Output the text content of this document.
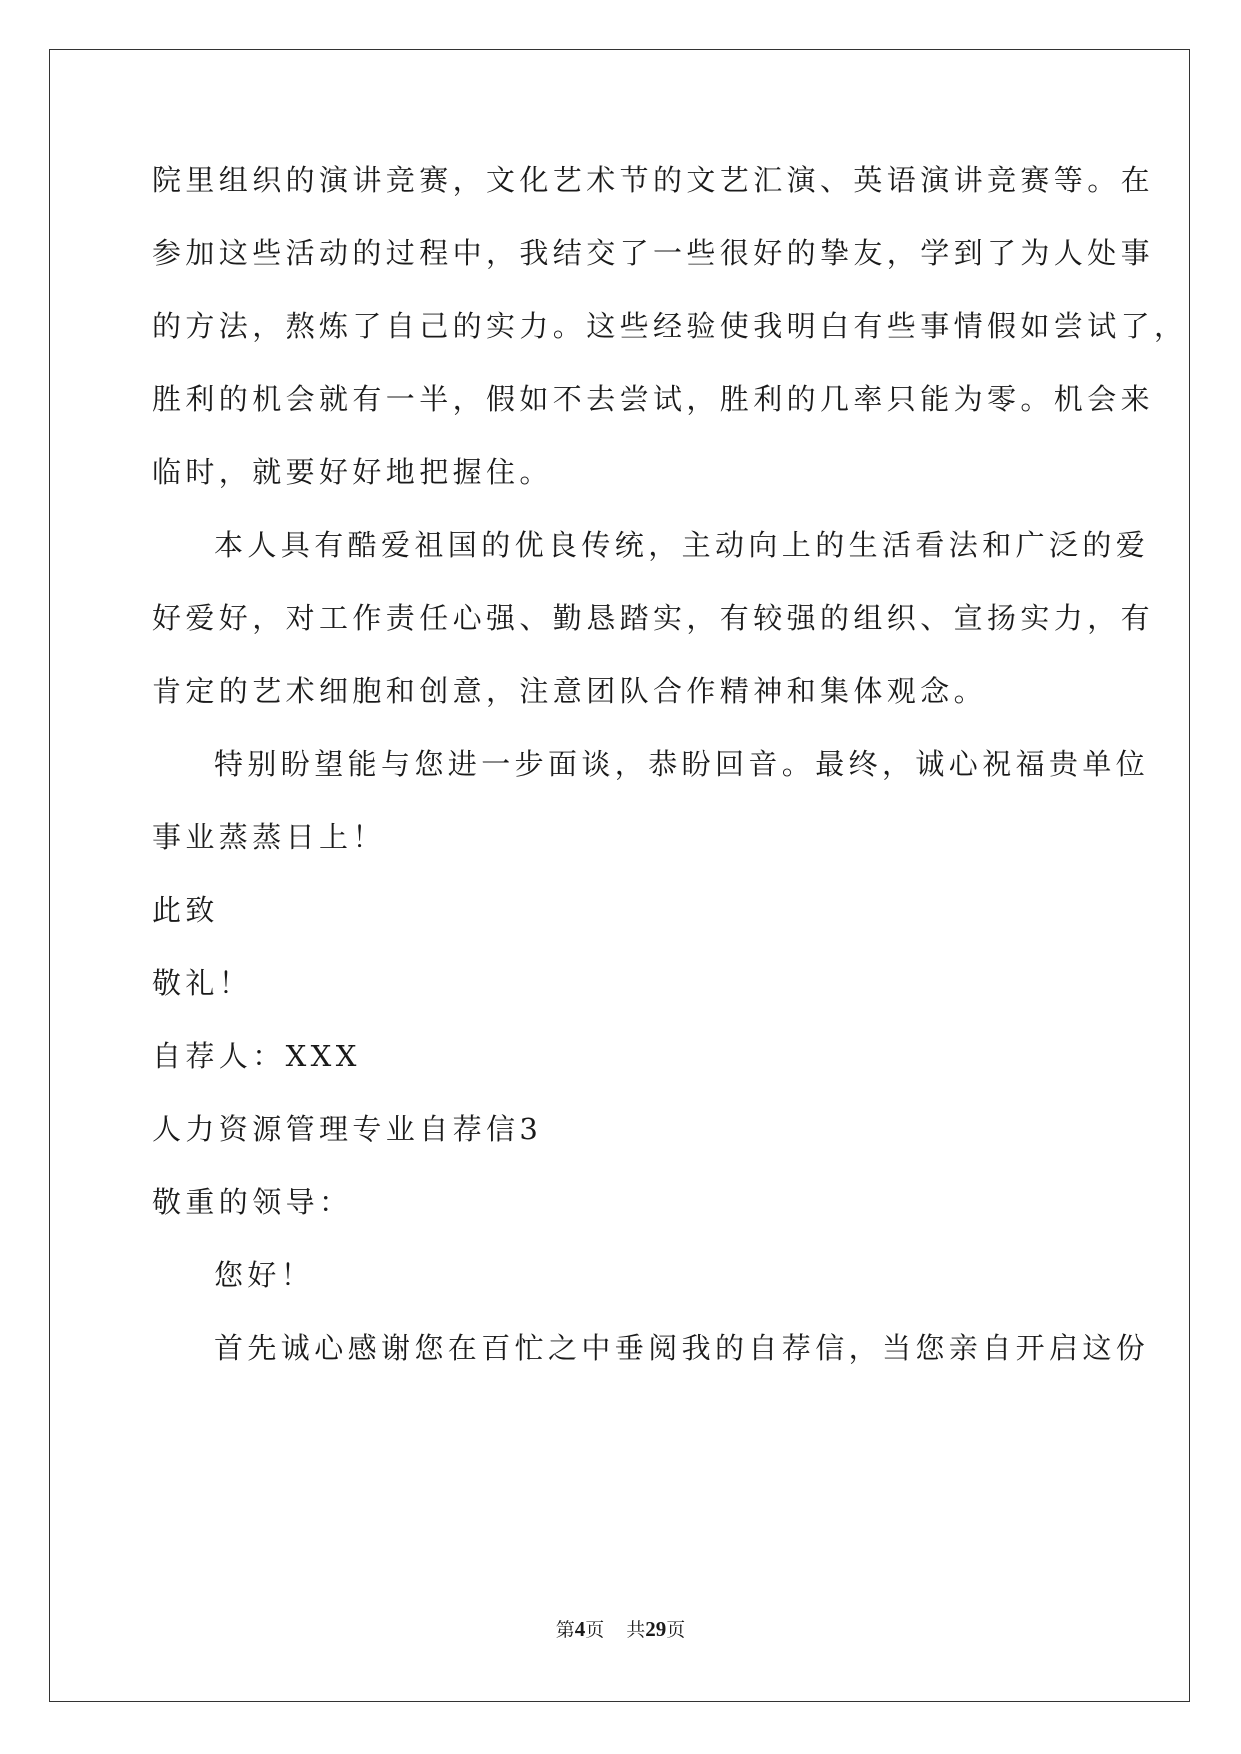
院里组织的演讲竞赛，文化艺术节的文艺汇演、英语演讲竞赛等。在
参加这些活动的过程中，我结交了一些很好的挚友，学到了为人处事
的方法，熬炼了自己的实力。这些经验使我明白有些事情假如尝试了，
胜利的机会就有一半，假如不去尝试，胜利的几率只能为零。机会来
临时，就要好好地把握住。
本人具有酷爱祖国的优良传统，主动向上的生活看法和广泛的爱
好爱好，对工作责任心强、勤恳踏实，有较强的组织、宣扬实力，有
肯定的艺术细胞和创意，注意团队合作精神和集体观念。
特别盼望能与您进一步面谈，恭盼回音。最终，诚心祝福贵单位
事业蒸蒸日上！
此致
敬礼！
自荐人：XXX
人力资源管理专业自荐信3
敬重的领导：
您好！
首先诚心感谢您在百忙之中垂阅我的自荐信，当您亲自开启这份
第4页 共29页
